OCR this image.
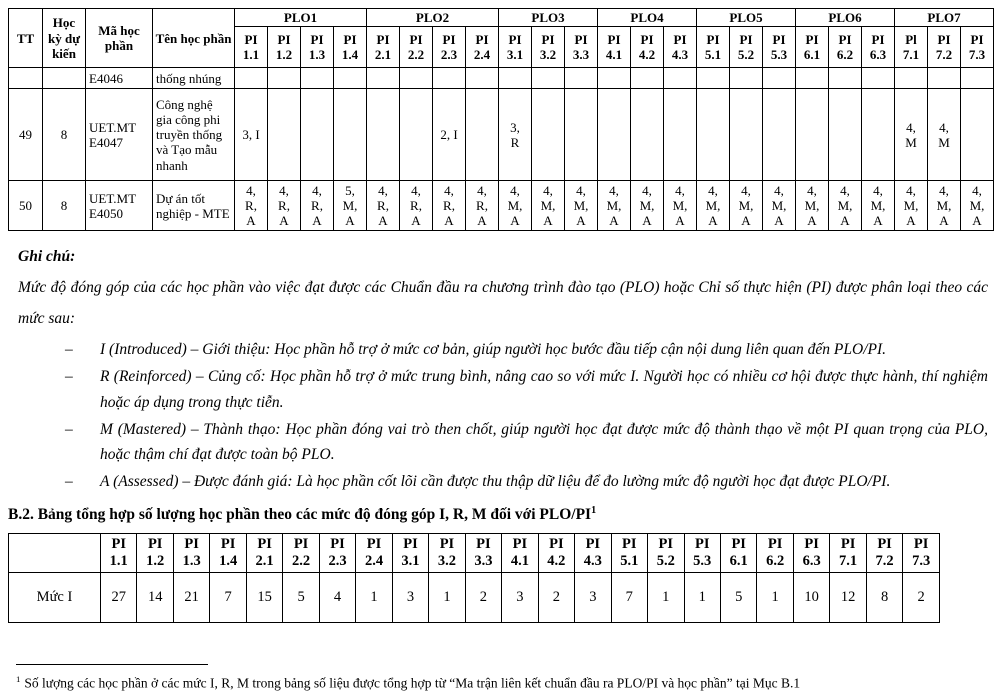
TT	Học kỳ dự kiến	Mã học phần	Tên học phần	PLO1				PLO2				PLO3			PLO4			PLO5			PLO6			PLO7		
				PI 1.1	PI 1.2	PI 1.3	PI 1.4	PI 2.1	PI 2.2	PI 2.3	PI 2.4	PI 3.1	PI 3.2	PI 3.3	PI 4.1	PI 4.2	PI 4.3	PI 5.1	PI 5.2	PI 5.3	PI 6.1	PI 6.2	PI 6.3	Pl 7.1	PI 7.2	PI 7.3
		E4046	thống nhúng																							
49	8	UET.MT E4047	Công nghệ gia công phi truyền thống và Tạo mẫu nhanh	3, I						2, I		3, R												4, M	4, M	
50	8	UET.MT E4050	Dự án tốt nghiệp - MTE	4, R, A	4, R, A	4, R, A	5, M, A	4, R, A	4, R, A	4, R, A	4, R, A	4, M, A	4, M, A	4, M, A	4, M, A	4, M, A	4, M, A	4, M, A	4, M, A	4, M, A	4, M, A	4, M, A	4, M, A	4, M, A	4, M, A	4, M, A

Ghi chú:

Mức độ đóng góp của các học phần vào việc đạt được các Chuẩn đầu ra chương trình đào tạo (PLO) hoặc Chỉ số thực hiện (PI) được phân loại theo các mức sau:

– I (Introduced) – Giới thiệu: Học phần hỗ trợ ở mức cơ bản, giúp người học bước đầu tiếp cận nội dung liên quan đến PLO/PI.
– R (Reinforced) – Củng cố: Học phần hỗ trợ ở mức trung bình, nâng cao so với mức I. Người học có nhiều cơ hội được thực hành, thí nghiệm hoặc áp dụng trong thực tiễn.
– M (Mastered) – Thành thạo: Học phần đóng vai trò then chốt, giúp người học đạt được mức độ thành thạo về một PI quan trọng của PLO, hoặc thậm chí đạt được toàn bộ PLO.
– A (Assessed) – Được đánh giá: Là học phần cốt lõi cần được thu thập dữ liệu để đo lường mức độ người học đạt được PLO/PI.

B.2. Bảng tổng hợp số lượng học phần theo các mức độ đóng góp I, R, M đối với PLO/$PI^1$

	PI 1.1	PI 1.2	PI 1.3	PI 1.4	PI 2.1	PI 2.2	PI 2.3	PI 2.4	PI 3.1	PI 3.2	PI 3.3	PI 4.1	PI 4.2	PI 4.3	PI 5.1	PI 5.2	PI 5.3	PI 6.1	PI 6.2	PI 6.3	PI 7.1	PI 7.2	PI 7.3
Mức I	27	14	21	7	15	5	4	1	3	1	2	3	2	3	7	1	1	5	1	10	12	8	2

$^1$ Số lượng các học phần ở các mức I, R, M trong bảng số liệu được tổng hợp từ “Ma trận liên kết chuẩn đầu ra PLO/PI và học phần” tại Mục B.1
